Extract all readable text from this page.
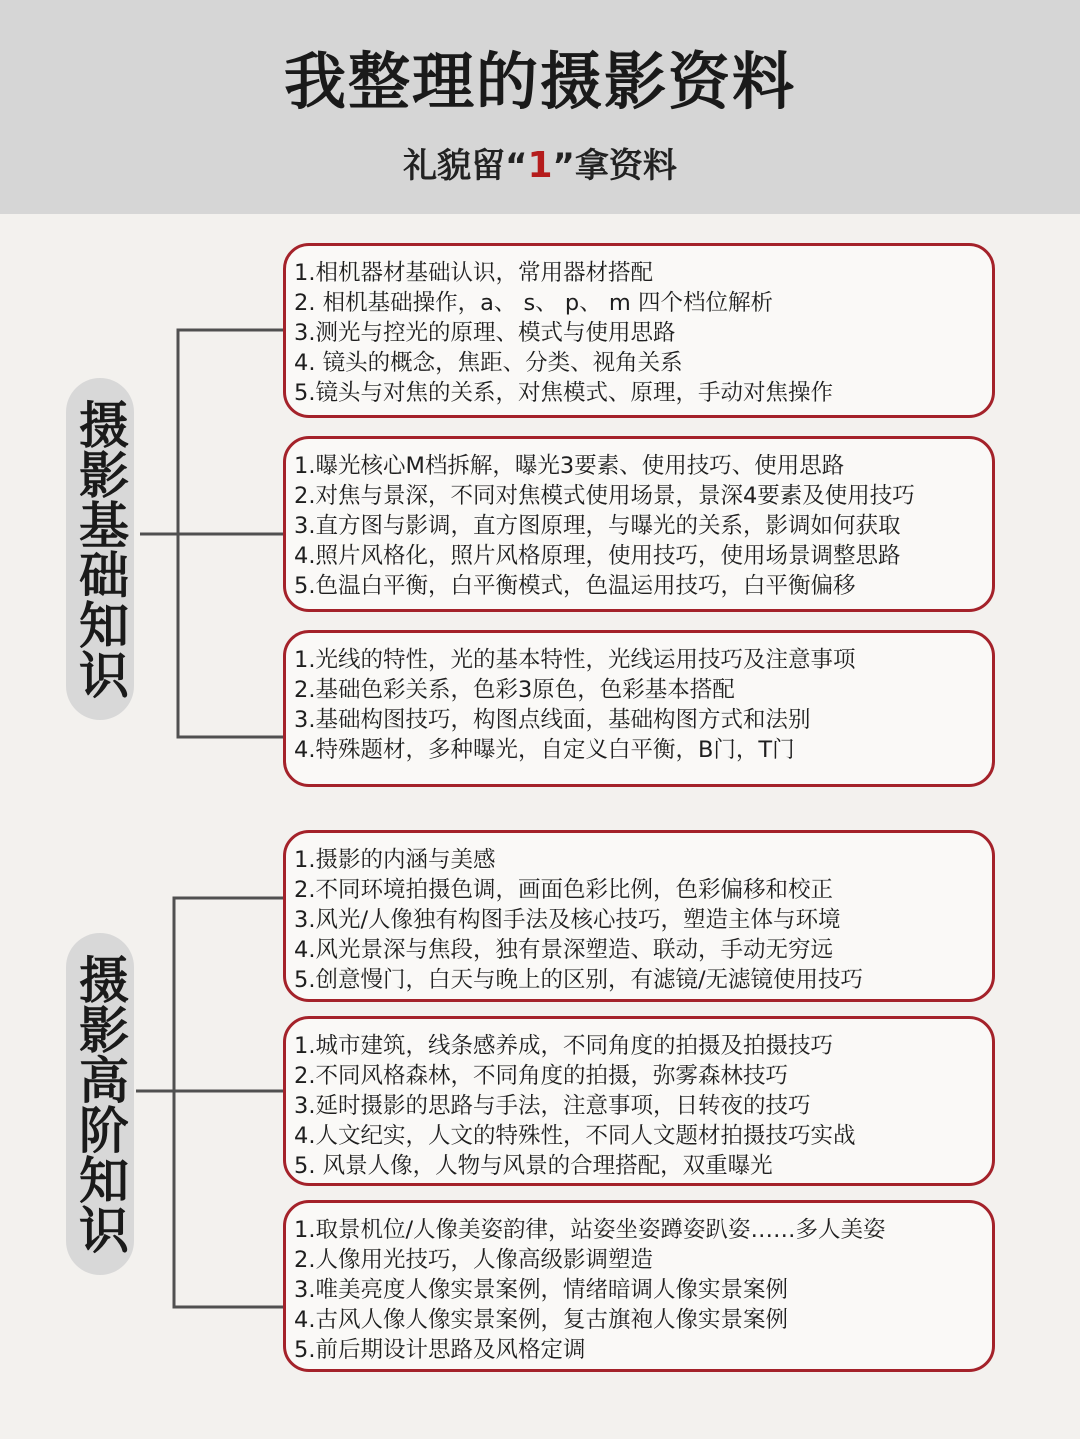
我整理的摄影资料
礼貌留“1”拿资料
摄影基础知识
摄影高阶知识
1.相机器材基础认识，常用器材搭配
2. 相机基础操作，a、 s、 p、 m 四个档位解析
3.测光与控光的原理、模式与使用思路
4. 镜头的概念，焦距、分类、视角关系
5.镜头与对焦的关系，对焦模式、原理，手动对焦操作
1.曝光核心M档拆解，曝光3要素、使用技巧、使用思路
2.对焦与景深，不同对焦模式使用场景，景深4要素及使用技巧
3.直方图与影调，直方图原理，与曝光的关系，影调如何获取
4.照片风格化，照片风格原理，使用技巧，使用场景调整思路
5.色温白平衡，白平衡模式，色温运用技巧，白平衡偏移
1.光线的特性，光的基本特性，光线运用技巧及注意事项
2.基础色彩关系，色彩3原色，色彩基本搭配
3.基础构图技巧，构图点线面，基础构图方式和法别
4.特殊题材，多种曝光，自定义白平衡，B门，T门
1.摄影的内涵与美感
2.不同环境拍摄色调，画面色彩比例，色彩偏移和校正
3.风光/人像独有构图手法及核心技巧，塑造主体与环境
4.风光景深与焦段，独有景深塑造、联动，手动无穷远
5.创意慢门，白天与晚上的区别，有滤镜/无滤镜使用技巧
1.城市建筑，线条感养成，不同角度的拍摄及拍摄技巧
2.不同风格森林，不同角度的拍摄，弥雾森林技巧
3.延时摄影的思路与手法，注意事项，日转夜的技巧
4.人文纪实，人文的特殊性，不同人文题材拍摄技巧实战
5. 风景人像，人物与风景的合理搭配，双重曝光
1.取景机位/人像美姿韵律，站姿坐姿蹲姿趴姿……多人美姿
2.人像用光技巧，人像高级影调塑造
3.唯美亮度人像实景案例，情绪暗调人像实景案例
4.古风人像人像实景案例，复古旗袍人像实景案例
5.前后期设计思路及风格定调
